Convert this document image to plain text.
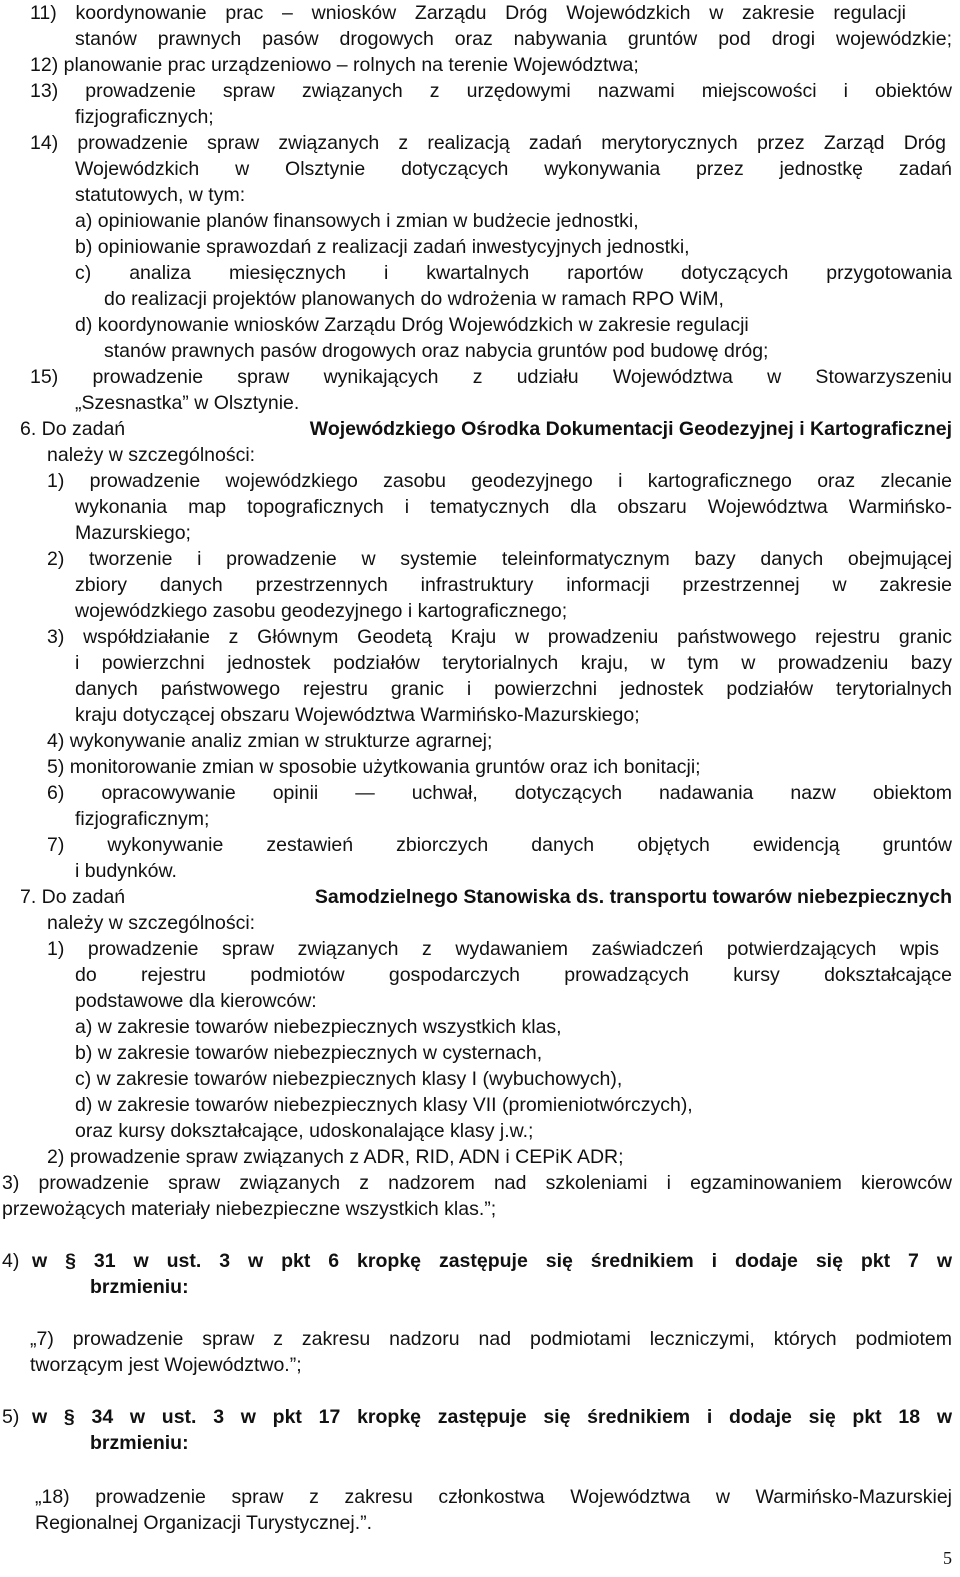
11) koordynowanie prac – wniosków Zarządu Dróg Wojewódzkich w zakresie regulacji
stanów prawnych pasów drogowych oraz nabywania gruntów pod drogi wojewódzkie;
12) planowanie prac urządzeniowo – rolnych na terenie Województwa;
13) prowadzenie spraw związanych z urzędowymi nazwami miejscowości i obiektów
fizjograficznych;
14) prowadzenie spraw związanych z realizacją zadań merytorycznych przez Zarząd Dróg
Wojewódzkich w Olsztynie dotyczących wykonywania przez jednostkę zadań
statutowych, w tym:
a) opiniowanie planów finansowych i zmian w budżecie jednostki,
b) opiniowanie sprawozdań z realizacji zadań inwestycyjnych jednostki,
c) analiza miesięcznych i kwartalnych raportów dotyczących przygotowania
do realizacji projektów planowanych do wdrożenia w ramach RPO WiM,
d) koordynowanie wniosków Zarządu Dróg Wojewódzkich w zakresie regulacji
stanów prawnych pasów drogowych oraz nabycia gruntów pod budowę dróg;
15) prowadzenie spraw wynikających z udziału Województwa w Stowarzyszeniu
„Szesnastka” w Olsztynie.
6. Do zadań	Wojewódzkiego Ośrodka Dokumentacji Geodezyjnej i Kartograficznej
należy w szczególności:
1) prowadzenie wojewódzkiego zasobu geodezyjnego i kartograficznego oraz zlecanie
wykonania map topograficznych i tematycznych dla obszaru Województwa Warmińsko-
Mazurskiego;
2) tworzenie i prowadzenie w systemie teleinformatycznym bazy danych obejmującej
zbiory danych przestrzennych infrastruktury informacji przestrzennej w zakresie
wojewódzkiego zasobu geodezyjnego i kartograficznego;
3) współdziałanie z Głównym Geodetą Kraju w prowadzeniu państwowego rejestru granic
i powierzchni jednostek podziałów terytorialnych kraju, w tym w prowadzeniu bazy
danych państwowego rejestru granic i powierzchni jednostek podziałów terytorialnych
kraju dotyczącej obszaru Województwa Warmińsko-Mazurskiego;
4) wykonywanie analiz zmian w strukturze agrarnej;
5) monitorowanie zmian w sposobie użytkowania gruntów oraz ich bonitacji;
6) opracowywanie opinii — uchwał, dotyczących nadawania nazw obiektom
fizjograficznym;
7) wykonywanie zestawień zbiorczych danych objętych ewidencją gruntów
i budynków.
7. Do zadań	Samodzielnego Stanowiska ds. transportu towarów niebezpiecznych
należy w szczególności:
1) prowadzenie spraw związanych z wydawaniem zaświadczeń potwierdzających wpis
do rejestru podmiotów gospodarczych prowadzących kursy dokształcające
podstawowe dla kierowców:
a) w zakresie towarów niebezpiecznych wszystkich klas,
b) w zakresie towarów niebezpiecznych w cysternach,
c) w zakresie towarów niebezpiecznych klasy I (wybuchowych),
d) w zakresie towarów niebezpiecznych klasy VII (promieniotwórczych),
oraz kursy dokształcające, udoskonalające klasy j.w.;
2) prowadzenie spraw związanych z ADR, RID, ADN i CEPiK ADR;
3) prowadzenie spraw związanych z nadzorem nad szkoleniami i egzaminowaniem kierowców
przewożących materiały niebezpieczne wszystkich klas.”;
4) w § 31 w ust. 3 w pkt 6 kropkę zastępuje się średnikiem i dodaje się pkt 7 w
brzmieniu:
„7) prowadzenie spraw z zakresu nadzoru nad podmiotami leczniczymi, których podmiotem
tworzącym jest Województwo.”;
5) w § 34 w ust. 3 w pkt 17 kropkę zastępuje się średnikiem i dodaje się pkt 18 w
brzmieniu:
„18) prowadzenie spraw z zakresu członkostwa Województwa w Warmińsko-Mazurskiej
Regionalnej Organizacji Turystycznej.”.
5
